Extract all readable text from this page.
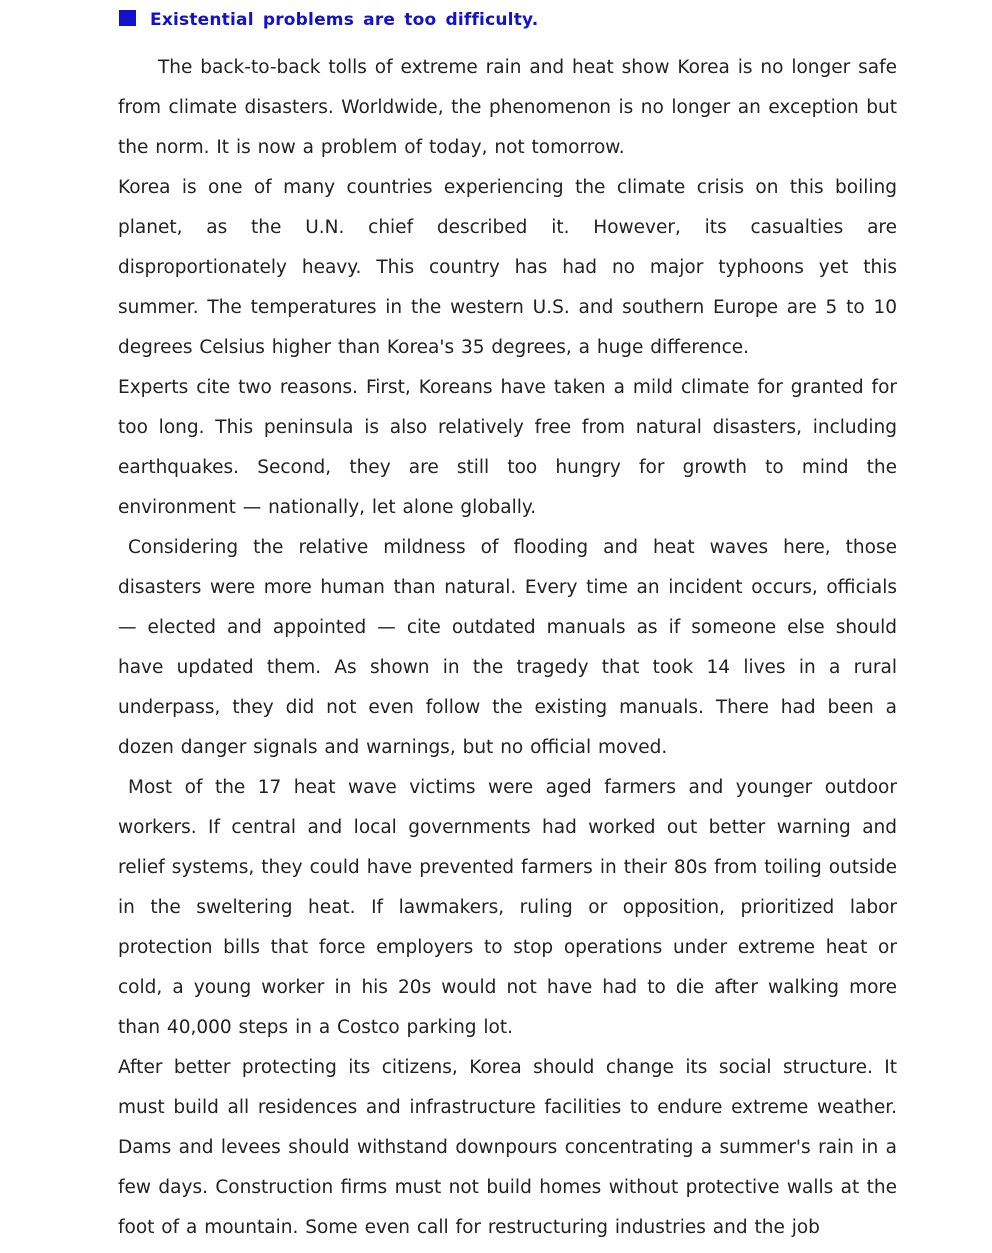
Existential problems are too difficulty.

The back-to-back tolls of extreme rain and heat show Korea is no longer safe from climate disasters. Worldwide, the phenomenon is no longer an exception but the norm. It is now a problem of today, not tomorrow.

Korea is one of many countries experiencing the climate crisis on this boiling planet, as the U.N. chief described it. However, its casualties are disproportionately heavy. This country has had no major typhoons yet this summer. The temperatures in the western U.S. and southern Europe are 5 to 10 degrees Celsius higher than Korea's 35 degrees, a huge difference.

Experts cite two reasons. First, Koreans have taken a mild climate for granted for too long. This peninsula is also relatively free from natural disasters, including earthquakes. Second, they are still too hungry for growth to mind the environment — nationally, let alone globally.

Considering the relative mildness of flooding and heat waves here, those disasters were more human than natural. Every time an incident occurs, officials — elected and appointed — cite outdated manuals as if someone else should have updated them. As shown in the tragedy that took 14 lives in a rural underpass, they did not even follow the existing manuals. There had been a dozen danger signals and warnings, but no official moved.

Most of the 17 heat wave victims were aged farmers and younger outdoor workers. If central and local governments had worked out better warning and relief systems, they could have prevented farmers in their 80s from toiling outside in the sweltering heat. If lawmakers, ruling or opposition, prioritized labor protection bills that force employers to stop operations under extreme heat or cold, a young worker in his 20s would not have had to die after walking more than 40,000 steps in a Costco parking lot.

After better protecting its citizens, Korea should change its social structure. It must build all residences and infrastructure facilities to endure extreme weather. Dams and levees should withstand downpours concentrating a summer's rain in a few days. Construction firms must not build homes without protective walls at the foot of a mountain. Some even call for restructuring industries and the job
